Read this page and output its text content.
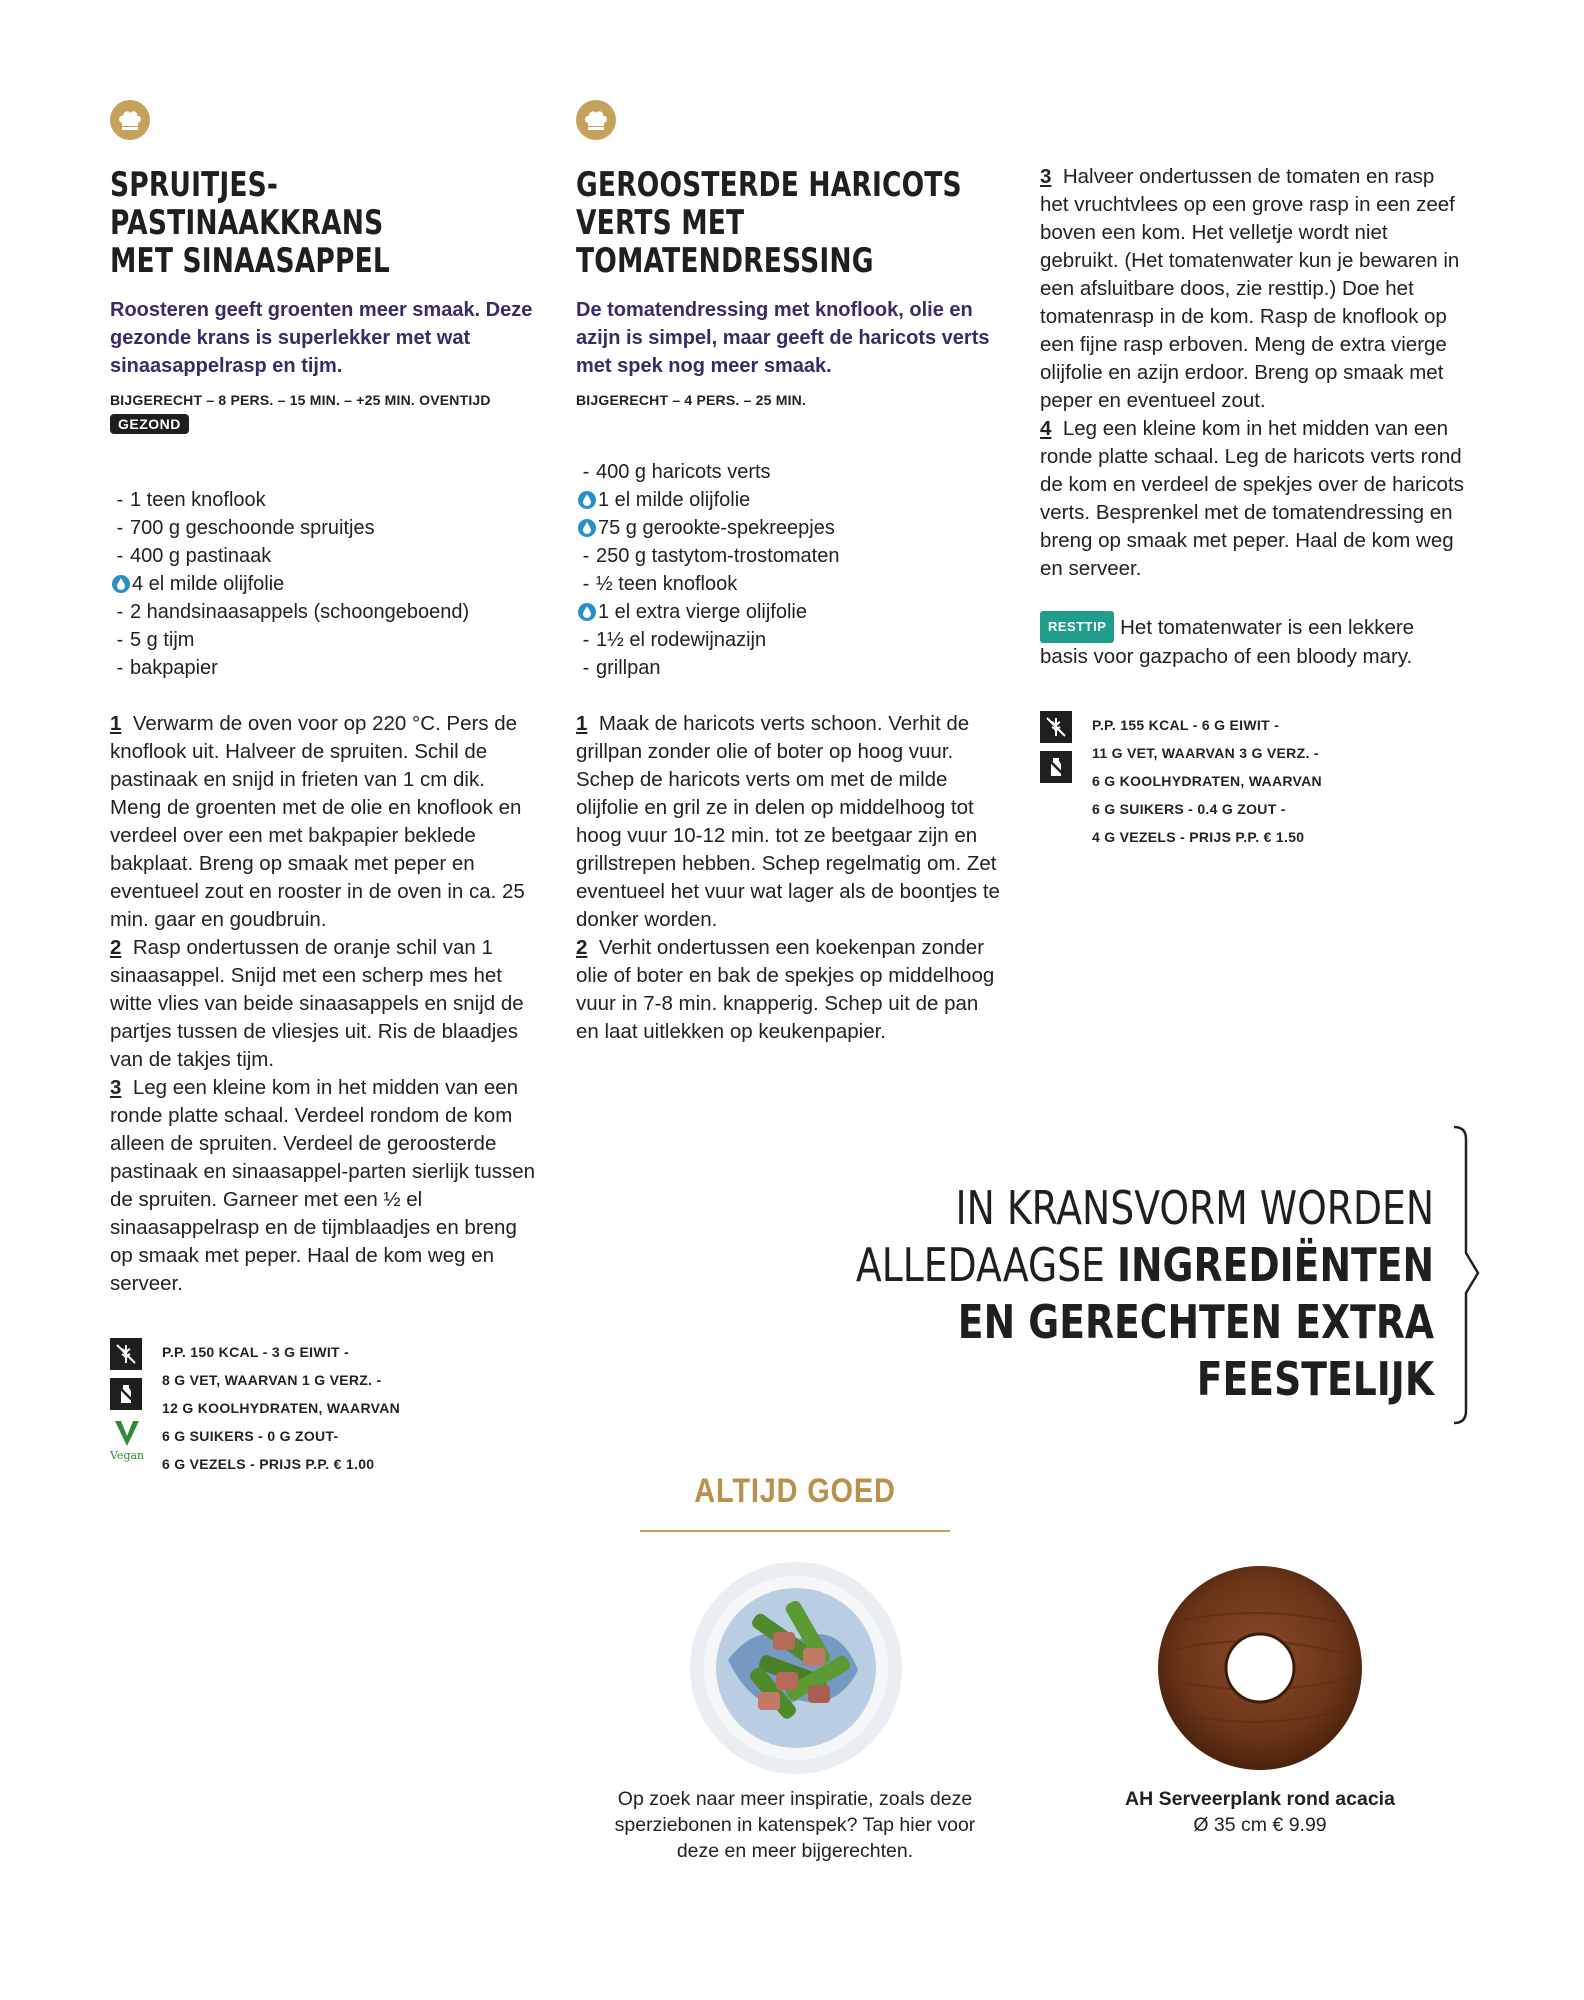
SPRUITJES-PASTINAAKKRANS
MET SINAASAPPEL

Roosteren geeft groenten meer smaak. Deze gezonde krans is superlekker met wat sinaasappelrasp en tijm.

BIJGERECHT – 8 PERS. – 15 MIN. – +25 MIN. OVENTIJD
GEZOND
- 1 teen knoflook
- 700 g geschoonde spruitjes
- 400 g pastinaak
4 el milde olijfolie
- 2 handsinaasappels (schoongeboend)
- 5 g tijm
- bakpapier

1 Verwarm de oven voor op 220 °C. Pers de knoflook uit. Halveer de spruiten. Schil de pastinaak en snijd in frieten van 1 cm dik. Meng de groenten met de olie en knoflook en verdeel over een met bakpapier beklede bakplaat. Breng op smaak met peper en eventueel zout en rooster in de oven in ca. 25 min. gaar en goudbruin.

2 Rasp ondertussen de oranje schil van 1 sinaasappel. Snijd met een scherp mes het witte vlies van beide sinaasappels en snijd de partjes tussen de vliesjes uit. Ris de blaadjes van de takjes tijm.

3 Leg een kleine kom in het midden van een ronde platte schaal. Verdeel rondom de kom alleen de spruiten. Verdeel de geroosterde pastinaak en sinaasappel-parten sierlijk tussen de spruiten. Garneer met een ½ el sinaasappelrasp en de tijmblaadjes en breng op smaak met peper. Haal de kom weg en serveer.

Vegan
P.P. 150 KCAL - 3 G EIWIT -
8 G VET, WAARVAN 1 G VERZ. -
12 G KOOLHYDRATEN, WAARVAN
6 G SUIKERS - 0 G ZOUT-
6 G VEZELS - PRIJS P.P. € 1.00
GEROOSTERDE HARICOTS
VERTS MET TOMATENDRESSING

De tomatendressing met knoflook, olie en azijn is simpel, maar geeft de haricots verts met spek nog meer smaak.

BIJGERECHT – 4 PERS. – 25 MIN.
- 400 g haricots verts
1 el milde olijfolie
75 g gerookte-spekreepjes
- 250 g tastytom-trostomaten
- ½ teen knoflook
1 el extra vierge olijfolie
- 1½ el rodewijnazijn
- grillpan

1 Maak de haricots verts schoon. Verhit de grillpan zonder olie of boter op hoog vuur. Schep de haricots verts om met de milde olijfolie en gril ze in delen op middelhoog tot hoog vuur 10-12 min. tot ze beetgaar zijn en grillstrepen hebben. Schep regelmatig om. Zet eventueel het vuur wat lager als de boontjes te donker worden.

2 Verhit ondertussen een koekenpan zonder olie of boter en bak de spekjes op middelhoog vuur in 7-8 min. knapperig. Schep uit de pan en laat uitlekken op keukenpapier.

3 Halveer ondertussen de tomaten en rasp het vruchtvlees op een grove rasp in een zeef boven een kom. Het velletje wordt niet gebruikt. (Het tomatenwater kun je bewaren in een afsluitbare doos, zie resttip.) Doe het tomatenrasp in de kom. Rasp de knoflook op een fijne rasp erboven. Meng de extra vierge olijfolie en azijn erdoor. Breng op smaak met peper en eventueel zout.

4 Leg een kleine kom in het midden van een ronde platte schaal. Leg de haricots verts rond de kom en verdeel de spekjes over de haricots verts. Besprenkel met de tomatendressing en breng op smaak met peper. Haal de kom weg en serveer.

RESTTIP Het tomatenwater is een lekkere basis voor gazpacho of een bloody mary.
P.P. 155 KCAL - 6 G EIWIT -
11 G VET, WAARVAN 3 G VERZ. -
6 G KOOLHYDRATEN, WAARVAN
6 G SUIKERS - 0.4 G ZOUT -
4 G VEZELS - PRIJS P.P. € 1.50
IN KRANSVORM WORDEN
ALLEDAAGSE INGREDIËNTEN
EN GERECHTEN EXTRA
FEESTELIJK
ALTIJD GOED
Op zoek naar meer inspiratie, zoals deze sperziebonen in katenspek? Tap hier voor deze en meer bijgerechten.
AH Serveerplank rond acacia
Ø 35 cm € 9.99
